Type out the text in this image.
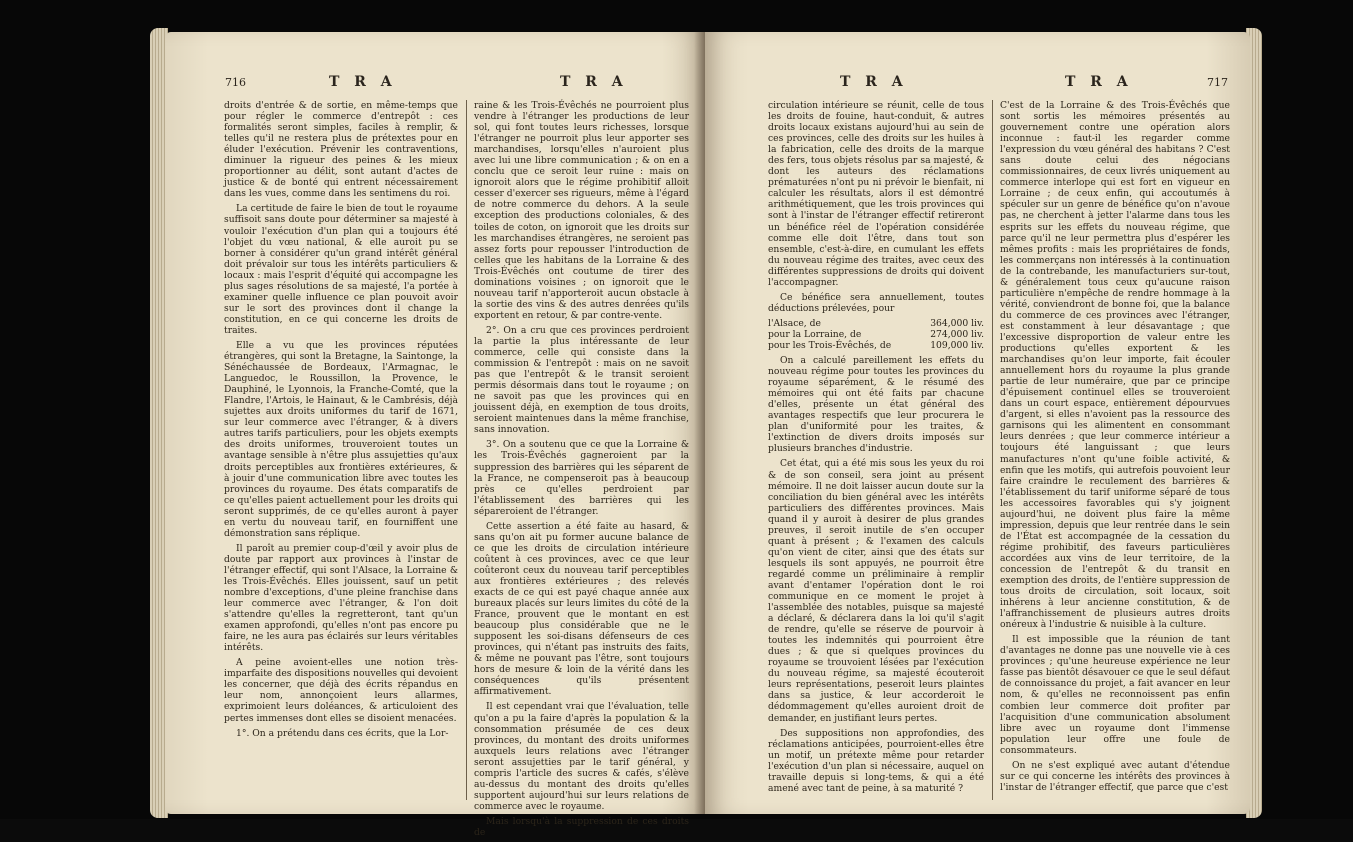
716	T R A	T R A

droits d'entrée & de sortie, en même-temps que pour régler le commerce d'entrepôt : ces formalités seront simples, faciles à remplir, & telles qu'il ne restera plus de prétextes pour en éluder l'exécution. Prévenir les contraventions, diminuer la rigueur des peines & les mieux proportionner au délit, sont autant d'actes de justice & de bonté qui entrent nécessairement dans les vues, comme dans les sentimens du roi.

La certitude de faire le bien de tout le royaume suffisoit sans doute pour déterminer sa majesté à vouloir l'exécution d'un plan qui a toujours été l'objet du vœu national, & elle auroit pu se borner à considérer qu'un grand intérêt général doit prévaloir sur tous les intérêts particuliers & locaux : mais l'esprit d'équité qui accompagne les plus sages résolutions de sa majesté, l'a portée à examiner quelle influence ce plan pouvoit avoir sur le sort des provinces dont il change la constitution, en ce qui concerne les droits de traites.

Elle a vu que les provinces réputées étrangères, qui sont la Bretagne, la Saintonge, la Sénéchaussée de Bordeaux, l'Armagnac, le Languedoc, le Roussillon, la Provence, le Dauphiné, le Lyonnois, la Franche-Comté, que la Flandre, l'Artois, le Hainaut, & le Cambrésis, déjà sujettes aux droits uniformes du tarif de 1671, sur leur commerce avec l'étranger, & à divers autres tarifs particuliers, pour les objets exempts des droits uniformes, trouveroient toutes un avantage sensible à n'être plus assujetties qu'aux droits perceptibles aux frontières extérieures, & à jouir d'une communication libre avec toutes les provinces du royaume. Des états comparatifs de ce qu'elles paient actuellement pour les droits qui seront supprimés, de ce qu'elles auront à payer en vertu du nouveau tarif, en fourniffent une démonstration sans réplique.

Il paroît au premier coup-d'œil y avoir plus de doute par rapport aux provinces à l'instar de l'étranger effectif, qui sont l'Alsace, la Lorraine & les Trois-Évêchés. Elles jouissent, sauf un petit nombre d'exceptions, d'une pleine franchise dans leur commerce avec l'étranger, & l'on doit s'attendre qu'elles la regretteront, tant qu'un examen approfondi, qu'elles n'ont pas encore pu faire, ne les aura pas éclairés sur leurs véritables intérêts.

A peine avoient-elles une notion très-imparfaite des dispositions nouvelles qui devoient les concerner, que déjà des écrits répandus en leur nom, annonçoient leurs allarmes, exprimoient leurs doléances, & articuloient des pertes immenses dont elles se disoient menacées.

1°. On a prétendu dans ces écrits, que la Lor-

raine & les Trois-Évêchés ne pourroient plus vendre à l'étranger les productions de leur sol, qui font toutes leurs richesses, lorsque l'étranger ne pourroit plus leur apporter ses marchandises, lorsqu'elles n'auroient plus avec lui une libre communication ; & on en a conclu que ce seroit leur ruine : mais on ignoroit alors que le régime prohibitif alloit cesser d'exercer ses rigueurs, même à l'égard de notre commerce du dehors. A la seule exception des productions coloniales, & des toiles de coton, on ignoroit que les droits sur les marchandises étrangères, ne seroient pas assez forts pour repousser l'introduction de celles que les habitans de la Lorraine & des Trois-Évêchés ont coutume de tirer des dominations voisines ; on ignoroit que le nouveau tarif n'apporteroit aucun obstacle à la sortie des vins & des autres denrées qu'ils exportent en retour, & par contre-vente.

2°. On a cru que ces provinces perdroient la partie la plus intéressante de leur commerce, celle qui consiste dans la commission & l'entrepôt : mais on ne savoit pas que l'entrepôt & le transit seroient permis désormais dans tout le royaume ; on ne savoit pas que les provinces qui en jouissent déjà, en exemption de tous droits, seroient maintenues dans la même franchise, sans innovation.

3°. On a soutenu que ce que la Lorraine & les Trois-Évêchés gagneroient par la suppression des barrières qui les séparent de la France, ne compenseroit pas à beaucoup près ce qu'elles perdroient par l'établissement des barrières qui les sépareroient de l'étranger.

Cette assertion a été faite au hasard, & sans qu'on ait pu former aucune balance de ce que les droits de circulation intérieure coûtent à ces provinces, avec ce que leur coûteront ceux du nouveau tarif perceptibles aux frontières extérieures ; des relevés exacts de ce qui est payé chaque année aux bureaux placés sur leurs limites du côté de la France, prouvent que le montant en est beaucoup plus considérable que ne le supposent les soi-disans défenseurs de ces provinces, qui n'étant pas instruits des faits, & même ne pouvant pas l'être, sont toujours hors de mesure & loin de la vérité dans les conséquences qu'ils présentent affirmativement.

Il est cependant vrai que l'évaluation, telle qu'on a pu la faire d'après la population & la consommation présumée de ces deux provinces, du montant des droits uniformes auxquels leurs relations avec l'étranger seront assujetties par le tarif général, y compris l'article des sucres & cafés, s'élève au-dessus du montant des droits qu'elles supportent aujourd'hui sur leurs relations de commerce avec le royaume.

Mais lorsqu'à la suppression de ces droits de

T R A	T R A	717

circulation intérieure se réunit, celle de tous les droits de fouine, haut-conduit, & autres droits locaux existans aujourd'hui au sein de ces provinces, celle des droits sur les huiles à la fabrication, celle des droits de la marque des fers, tous objets résolus par sa majesté, & dont les auteurs des réclamations prématurées n'ont pu ni prévoir le bienfait, ni calculer les résultats, alors il est démontré arithmétiquement, que les trois provinces qui sont à l'instar de l'étranger effectif retireront un bénéfice réel de l'opération considérée comme elle doit l'être, dans tout son ensemble, c'est-à-dire, en cumulant les effets du nouveau régime des traites, avec ceux des différentes suppressions de droits qui doivent l'accompagner.

Ce bénéfice sera annuellement, toutes déductions prélevées, pour

l'Alsace, de	364,000 liv.
pour la Lorraine, de	274,000 liv.
pour les Trois-Évêchés, de	109,000 liv.

On a calculé pareillement les effets du nouveau régime pour toutes les provinces du royaume séparément, & le résumé des mémoires qui ont été faits par chacune d'elles, présente un état général des avantages respectifs que leur procurera le plan d'uniformité pour les traites, & l'extinction de divers droits imposés sur plusieurs branches d'industrie.

Cet état, qui a été mis sous les yeux du roi & de son conseil, sera joint au présent mémoire. Il ne doit laisser aucun doute sur la conciliation du bien général avec les intérêts particuliers des différentes provinces. Mais quand il y auroit à desirer de plus grandes preuves, il seroit inutile de s'en occuper quant à présent ; & l'examen des calculs qu'on vient de citer, ainsi que des états sur lesquels ils sont appuyés, ne pourroit être regardé comme un préliminaire à remplir avant d'entamer l'opération dont le roi communique en ce moment le projet à l'assemblée des notables, puisque sa majesté a déclaré, & déclarera dans la loi qu'il s'agit de rendre, qu'elle se réserve de pourvoir à toutes les indemnités qui pourroient être dues ; & que si quelques provinces du royaume se trouvoient lésées par l'exécution du nouveau régime, sa majesté écouteroit leurs représentations, peseroit leurs plaintes dans sa justice, & leur accorderoit le dédommagement qu'elles auroient droit de demander, en justifiant leurs pertes.

Des suppositions non approfondies, des réclamations anticipées, pourroient-elles être un motif, un prétexte même pour retarder l'exécution d'un plan si nécessaire, auquel on travaille depuis si long-tems, & qui a été amené avec tant de peine, à sa maturité ?

C'est de la Lorraine & des Trois-Évêchés que sont sortis les mémoires présentés au gouvernement contre une opération alors inconnue : faut-il les regarder comme l'expression du vœu général des habitans ? C'est sans doute celui des négocians commissionnaires, de ceux livrés uniquement au commerce interlope qui est fort en vigueur en Lorraine ; de ceux enfin, qui accoutumés à spéculer sur un genre de bénéfice qu'on n'avoue pas, ne cherchent à jetter l'alarme dans tous les esprits sur les effets du nouveau régime, que parce qu'il ne leur permettra plus d'espérer les mêmes profits : mais les propriétaires de fonds, les commerçans non intéressés à la continuation de la contrebande, les manufacturiers sur-tout, & généralement tous ceux qu'aucune raison particulière n'empêche de rendre hommage à la vérité, conviendront de bonne foi, que la balance du commerce de ces provinces avec l'étranger, est constamment à leur désavantage ; que l'excessive disproportion de valeur entre les productions qu'elles exportent & les marchandises qu'on leur importe, fait écouler annuellement hors du royaume la plus grande partie de leur numéraire, que par ce principe d'épuisement continuel elles se trouveroient dans un court espace, entièrement dépourvues d'argent, si elles n'avoient pas la ressource des garnisons qui les alimentent en consommant leurs denrées ; que leur commerce intérieur a toujours été languissant ; que leurs manufactures n'ont qu'une foible activité, & enfin que les motifs, qui autrefois pouvoient leur faire craindre le reculement des barrières & l'établissement du tarif uniforme séparé de tous les accessoires favorables qui s'y joignent aujourd'hui, ne doivent plus faire la même impression, depuis que leur rentrée dans le sein de l'État est accompagnée de la cessation du régime prohibitif, des faveurs particulières accordées aux vins de leur territoire, de la concession de l'entrepôt & du transit en exemption des droits, de l'entière suppression de tous droits de circulation, soit locaux, soit inhérens à leur ancienne constitution, & de l'affranchissement de plusieurs autres droits onéreux à l'industrie & nuisible à la culture.

Il est impossible que la réunion de tant d'avantages ne donne pas une nouvelle vie à ces provinces ; qu'une heureuse expérience ne leur fasse pas bientôt désavouer ce que le seul défaut de connoissance du projet, a fait avancer en leur nom, & qu'elles ne reconnoissent pas enfin combien leur commerce doit profiter par l'acquisition d'une communication absolument libre avec un royaume dont l'immense population leur offre une foule de consommateurs.

On ne s'est expliqué avec autant d'étendue sur ce qui concerne les intérêts des provinces à l'instar de l'étranger effectif, que parce que c'est
